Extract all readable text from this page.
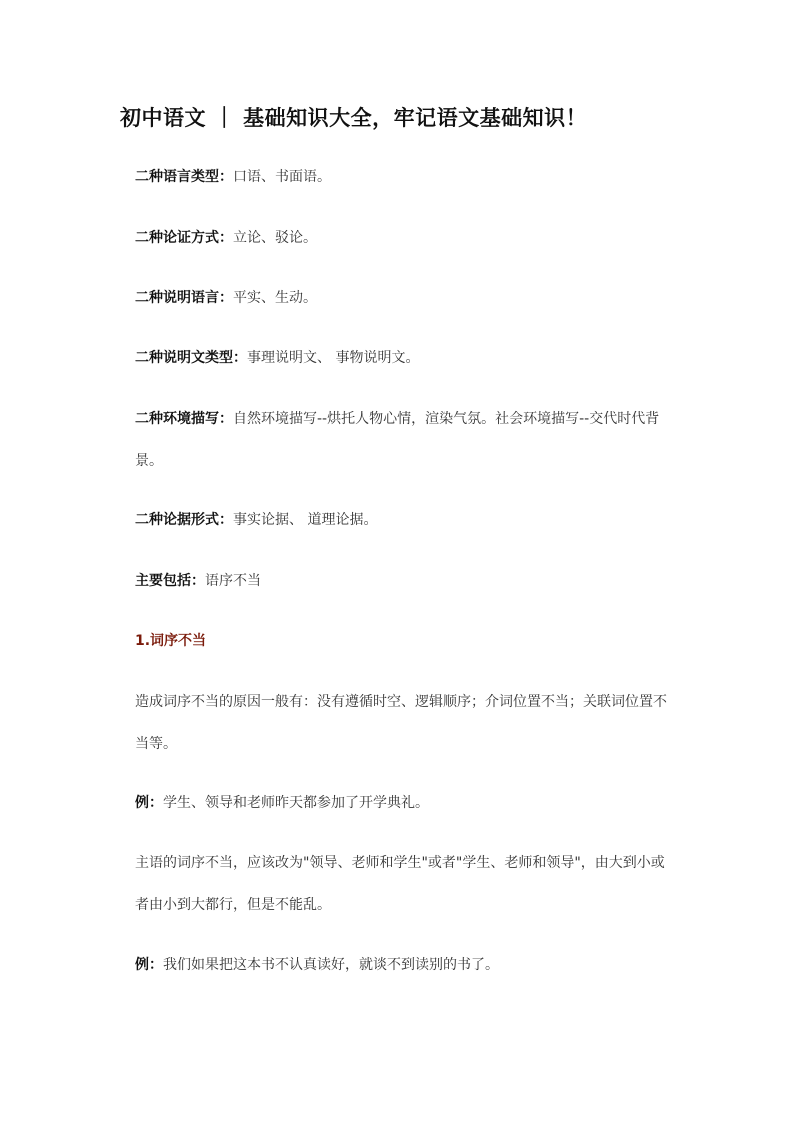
初中语文 ｜ 基础知识大全，牢记语文基础知识！

二种语言类型：口语、书面语。

二种论证方式：立论、驳论。

二种说明语言：平实、生动。

二种说明文类型：事理说明文、 事物说明文。

二种环境描写：自然环境描写--烘托人物心情，渲染气氛。社会环境描写--交代时代背景。

二种论据形式：事实论据、 道理论据。

主要包括：语序不当

1.词序不当

造成词序不当的原因一般有：没有遵循时空、逻辑顺序；介词位置不当；关联词位置不当等。

例：学生、领导和老师昨天都参加了开学典礼。

主语的词序不当，应该改为"领导、老师和学生"或者"学生、老师和领导"，由大到小或者由小到大都行，但是不能乱。

例：我们如果把这本书不认真读好，就谈不到读别的书了。
